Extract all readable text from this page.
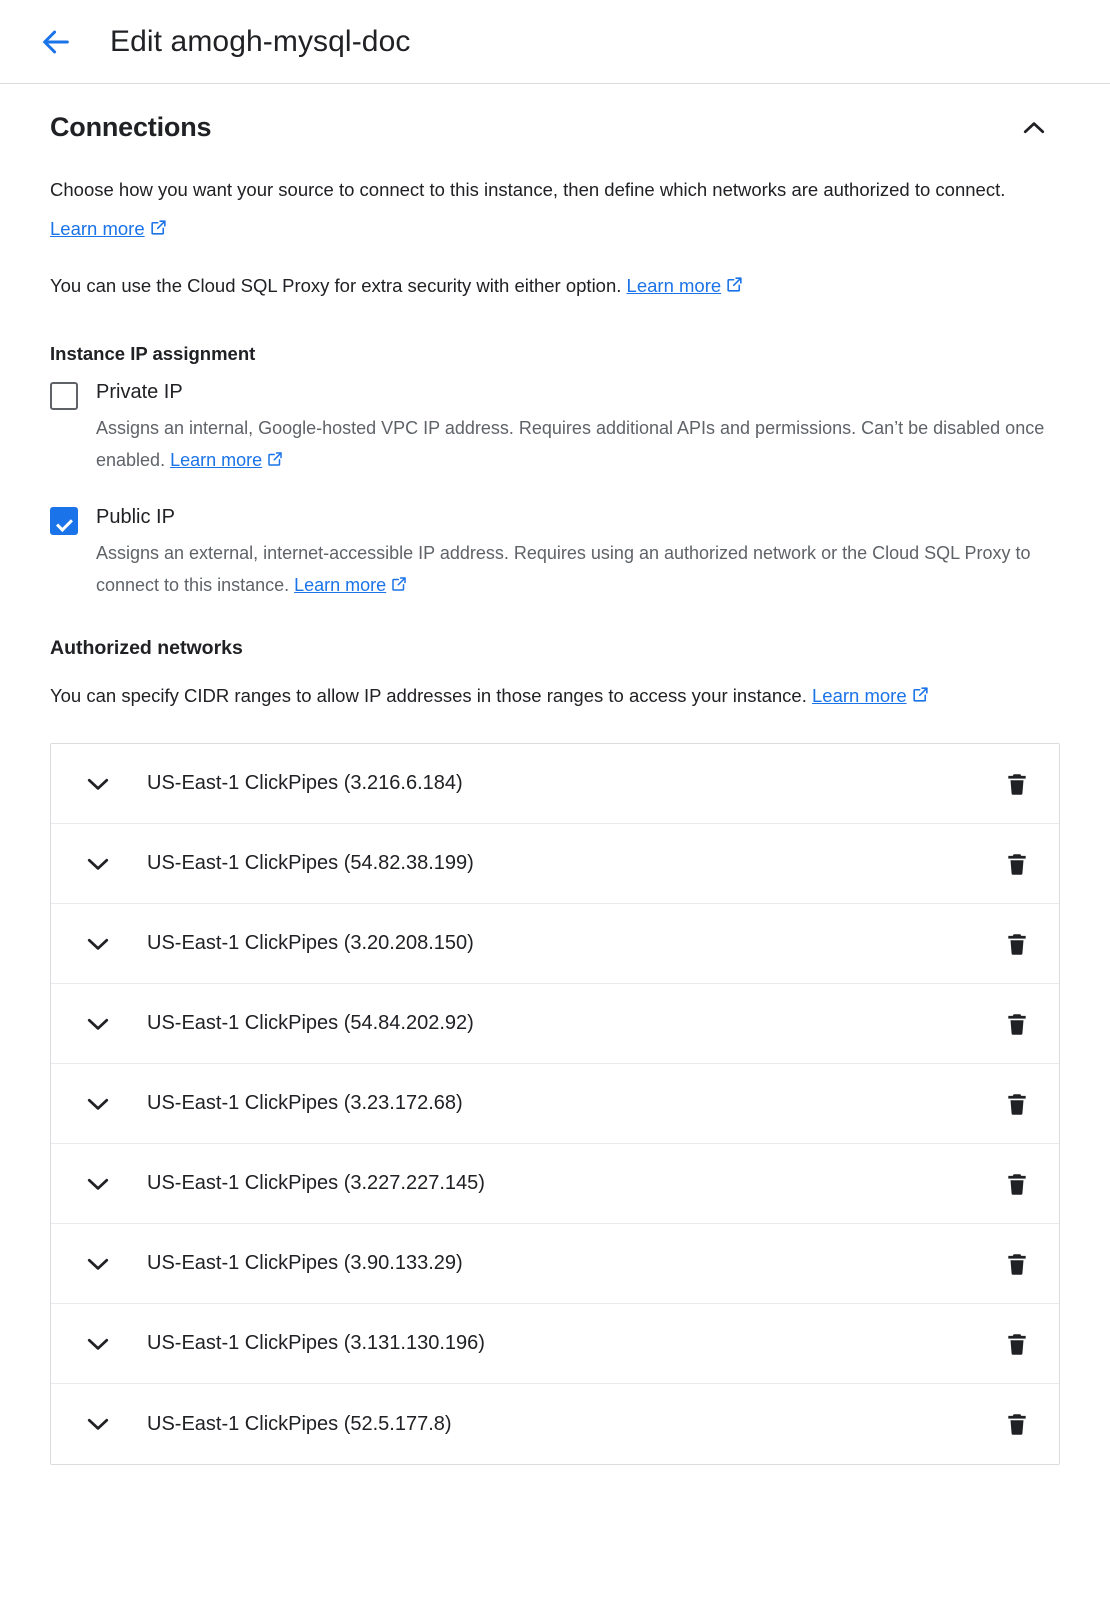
Edit amogh-mysql-doc
Connections
Choose how you want your source to connect to this instance, then define which networks are authorized to connect. Learn more
You can use the Cloud SQL Proxy for extra security with either option. Learn more
Instance IP assignment
Private IP
Assigns an internal, Google-hosted VPC IP address. Requires additional APIs and permissions. Can’t be disabled once enabled. Learn more
Public IP
Assigns an external, internet-accessible IP address. Requires using an authorized network or the Cloud SQL Proxy to connect to this instance. Learn more
Authorized networks
You can specify CIDR ranges to allow IP addresses in those ranges to access your instance. Learn more
US-East-1 ClickPipes (3.216.6.184)
US-East-1 ClickPipes (54.82.38.199)
US-East-1 ClickPipes (3.20.208.150)
US-East-1 ClickPipes (54.84.202.92)
US-East-1 ClickPipes (3.23.172.68)
US-East-1 ClickPipes (3.227.227.145)
US-East-1 ClickPipes (3.90.133.29)
US-East-1 ClickPipes (3.131.130.196)
US-East-1 ClickPipes (52.5.177.8)
